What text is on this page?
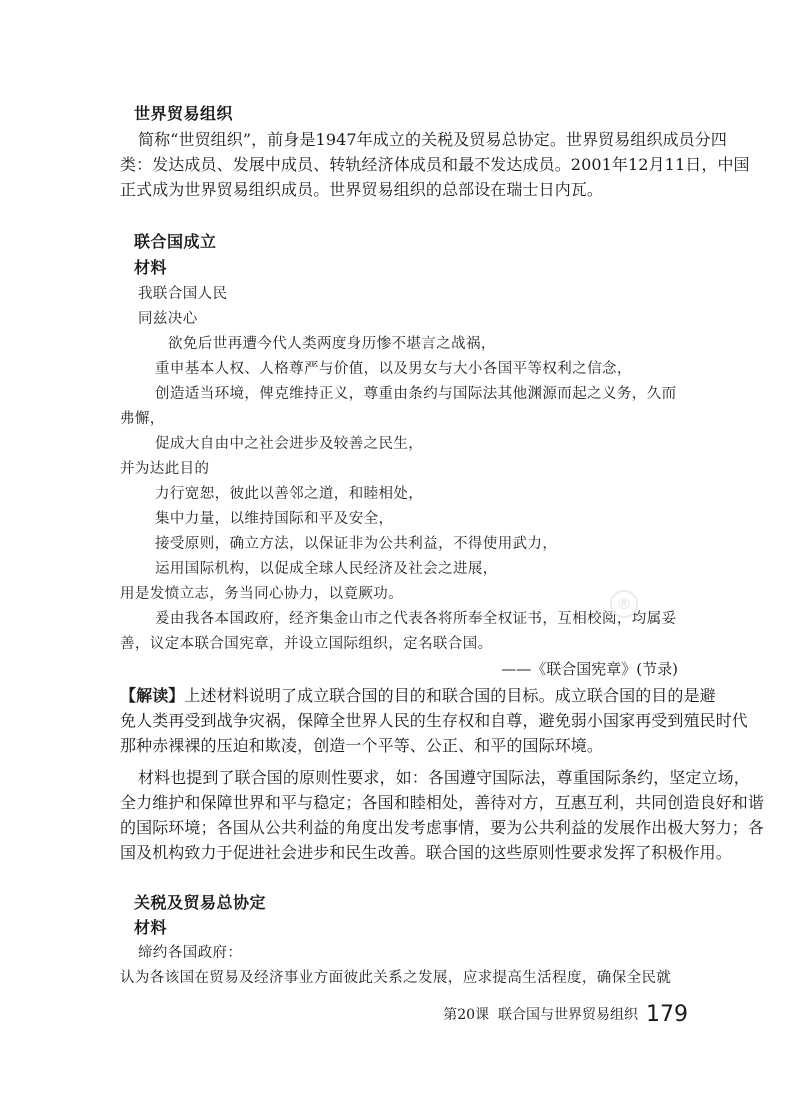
世界贸易组织
简称“世贸组织”，前身是1947年成立的关税及贸易总协定。世界贸易组织成员分四
类：发达成员、发展中成员、转轨经济体成员和最不发达成员。2001年12月11日，中国
正式成为世界贸易组织成员。世界贸易组织的总部设在瑞士日内瓦。
联合国成立
材料
我联合国人民
同兹决心
欲免后世再遭今代人类两度身历惨不堪言之战祸，
重申基本人权、人格尊严与价值，以及男女与大小各国平等权利之信念，
创造适当环境，俾克维持正义，尊重由条约与国际法其他渊源而起之义务，久而
弗懈，
促成大自由中之社会进步及较善之民生，
并为达此目的
力行宽恕，彼此以善邻之道，和睦相处，
集中力量，以维持国际和平及安全，
接受原则，确立方法，以保证非为公共利益，不得使用武力，
运用国际机构，以促成全球人民经济及社会之进展，
用是发愤立志，务当同心协力，以竟厥功。
爰由我各本国政府，经齐集金山市之代表各将所奉全权证书，互相校阅，均属妥
善，议定本联合国宪章，并设立国际组织，定名联合国。
——《联合国宪章》(节录)
【解读】上述材料说明了成立联合国的目的和联合国的目标。成立联合国的目的是避
免人类再受到战争灾祸，保障全世界人民的生存权和自尊，避免弱小国家再受到殖民时代
那种赤裸裸的压迫和欺凌，创造一个平等、公正、和平的国际环境。
材料也提到了联合国的原则性要求，如：各国遵守国际法，尊重国际条约，坚定立场，
全力维护和保障世界和平与稳定；各国和睦相处，善待对方，互惠互利，共同创造良好和谐
的国际环境；各国从公共利益的角度出发考虑事情，要为公共利益的发展作出极大努力；各
国及机构致力于促进社会进步和民生改善。联合国的这些原则性要求发挥了积极作用。
关税及贸易总协定
材料
缔约各国政府：
认为各该国在贸易及经济事业方面彼此关系之发展，应求提高生活程度，确保全民就
®
第20课 联合国与世界贸易组织 179
